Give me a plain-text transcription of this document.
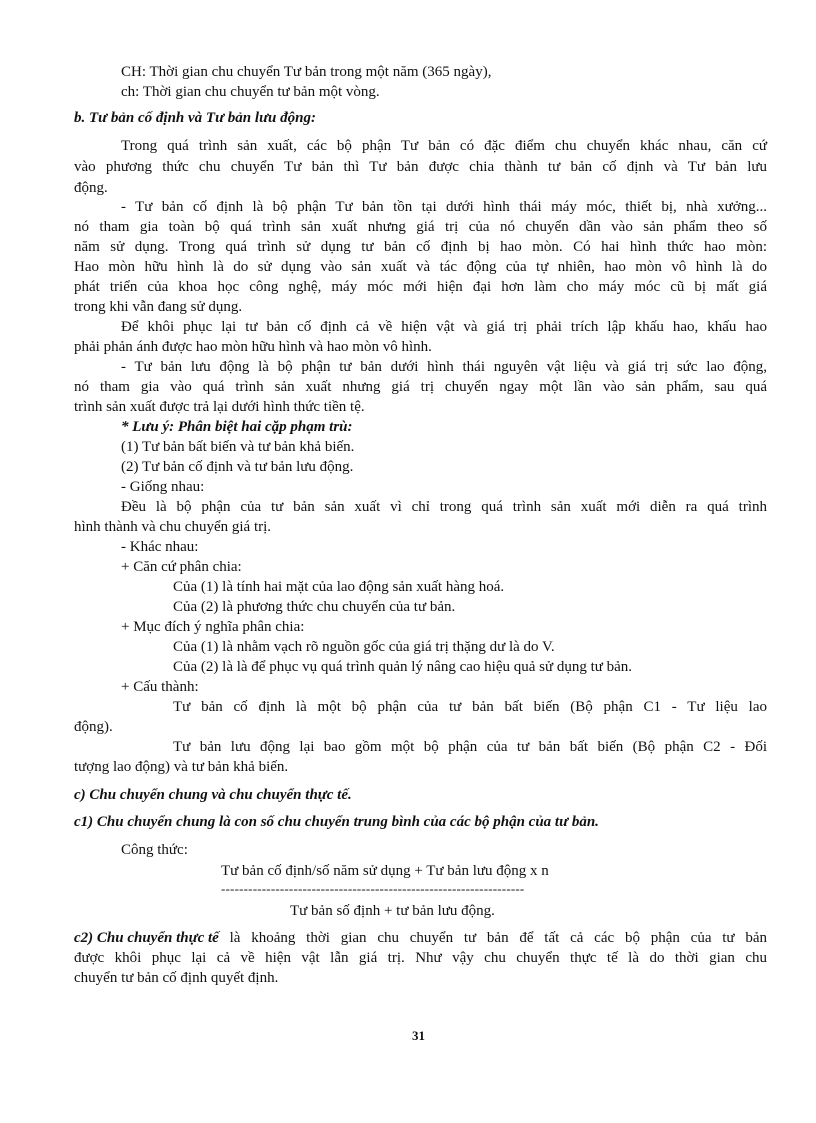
CH: Thời gian chu chuyển Tư bản trong một năm (365 ngày),
ch: Thời gian chu chuyển tư bản một vòng.
b. Tư bản cố định và Tư bản lưu động:
Trong quá trình sản xuất, các bộ phận Tư bản có đặc điểm chu chuyển khác nhau, căn cứ
vào phương thức chu chuyển Tư bản thì Tư bản được chia thành tư bản cố định và Tư bản lưu
động.
- Tư bản cố định là bộ phận Tư bản tồn tại dưới hình thái máy móc, thiết bị, nhà xưởng...
nó tham gia toàn bộ quá trình sản xuất nhưng giá trị của nó chuyển dần vào sản phẩm theo số
năm sử dụng. Trong quá trình sử dụng tư bản cố định bị hao mòn. Có hai hình thức hao mòn:
Hao mòn hữu hình là do sử dụng vào sản xuất và tác động của tự nhiên, hao mòn vô hình là do
phát triển của khoa học công nghệ, máy móc mới hiện đại hơn làm cho máy móc cũ bị mất giá
trong khi vẫn đang sử dụng.
Để khôi phục lại tư bản cố định cả về hiện vật và giá trị phải trích lập khấu hao, khấu hao
phải phản ánh được hao mòn hữu hình và hao mòn vô hình.
- Tư bản lưu động là bộ phận tư bản dưới hình thái nguyên vật liệu và giá trị sức lao động,
nó tham gia vào quá trình sản xuất nhưng giá trị chuyển ngay một lần vào sản phẩm, sau quá
trình sản xuất được trả lại dưới hình thức tiền tệ.
* Lưu ý: Phân biệt hai cặp phạm trù:
(1) Tư bản bất biến và tư bản khả biến.
(2) Tư bản cố định và tư bản lưu động.
- Giống nhau:
Đều là bộ phận của tư bản sản xuất vì chỉ trong quá trình sản xuất mới diễn ra quá trình
hình thành và chu chuyển giá trị.
- Khác nhau:
+ Căn cứ phân chia:
Của (1) là tính hai mặt của lao động sản xuất hàng hoá.
Của (2) là phương thức chu chuyển của tư bản.
+ Mục đích ý nghĩa phân chia:
Của (1) là nhằm vạch rõ nguồn gốc của giá trị thặng dư là do V.
Của (2) là là để phục vụ quá trình quản lý nâng cao hiệu quả sử dụng tư bản.
+ Cấu thành:
Tư bản cố định là một bộ phận của tư bản bất biến (Bộ phận C1 - Tư liệu lao
động).
Tư bản lưu động lại bao gồm một bộ phận của tư bản bất biến (Bộ phận C2 - Đối
tượng lao động) và tư bản khả biến.
c) Chu chuyển chung và chu chuyển thực tế.
c1) Chu chuyển chung là con số chu chuyển trung bình của các bộ phận của tư bản.
Công thức:
Tư bản cố định/số năm sử dụng + Tư bản lưu động x n
-------------------------------------------------------------------
Tư bản số định + tư bản lưu động.
c2) Chu chuyển thực tế là khoảng thời gian chu chuyển tư bản để tất cả các bộ phận của tư bản
được khôi phục lại cả về hiện vật lẫn giá trị. Như vậy chu chuyển thực tế là do thời gian chu
chuyển tư bản cố định quyết định.
31
